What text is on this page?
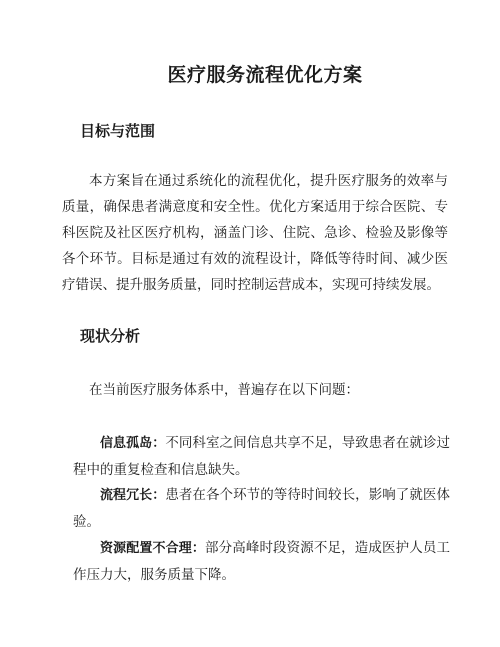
医疗服务流程优化方案
目标与范围

本方案旨在通过系统化的流程优化，提升医疗服务的效率与质量，确保患者满意度和安全性。优化方案适用于综合医院、专科医院及社区医疗机构，涵盖门诊、住院、急诊、检验及影像等各个环节。目标是通过有效的流程设计，降低等待时间、减少医疗错误、提升服务质量，同时控制运营成本，实现可持续发展。

现状分析

在当前医疗服务体系中，普遍存在以下问题：

信息孤岛：不同科室之间信息共享不足，导致患者在就诊过程中的重复检查和信息缺失。

流程冗长：患者在各个环节的等待时间较长，影响了就医体验。

资源配置不合理：部分高峰时段资源不足，造成医护人员工作压力大，服务质量下降。
